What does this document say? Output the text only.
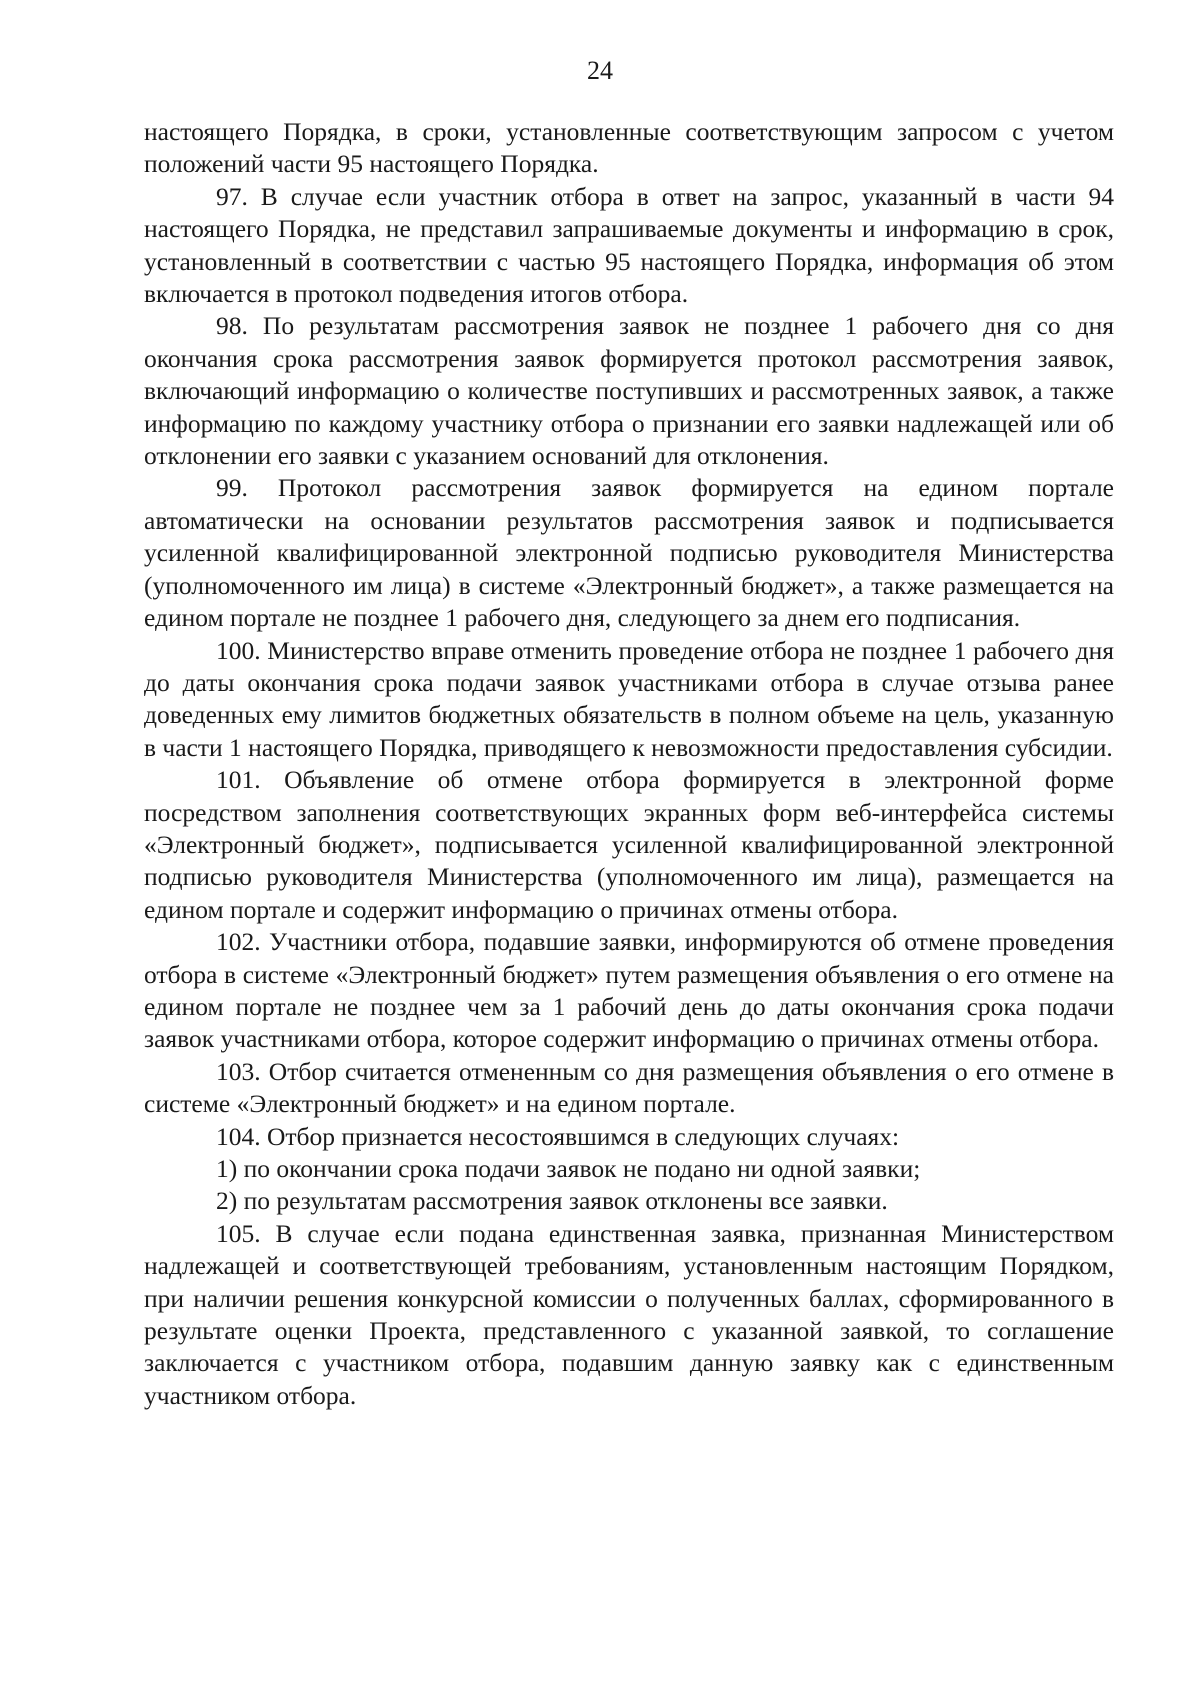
24

настоящего Порядка, в сроки, установленные соответствующим запросом с учетом положений части 95 настоящего Порядка.

97. В случае если участник отбора в ответ на запрос, указанный в части 94 настоящего Порядка, не представил запрашиваемые документы и информацию в срок, установленный в соответствии с частью 95 настоящего Порядка, информация об этом включается в протокол подведения итогов отбора.

98. По результатам рассмотрения заявок не позднее 1 рабочего дня со дня окончания срока рассмотрения заявок формируется протокол рассмотрения заявок, включающий информацию о количестве поступивших и рассмотренных заявок, а также информацию по каждому участнику отбора о признании его заявки надлежащей или об отклонении его заявки с указанием оснований для отклонения.

99. Протокол рассмотрения заявок формируется на едином портале автоматически на основании результатов рассмотрения заявок и подписывается усиленной квалифицированной электронной подписью руководителя Министерства (уполномоченного им лица) в системе «Электронный бюджет», а также размещается на едином портале не позднее 1 рабочего дня, следующего за днем его подписания.

100. Министерство вправе отменить проведение отбора не позднее 1 рабочего дня до даты окончания срока подачи заявок участниками отбора в случае отзыва ранее доведенных ему лимитов бюджетных обязательств в полном объеме на цель, указанную в части 1 настоящего Порядка, приводящего к невозможности предоставления субсидии.

101. Объявление об отмене отбора формируется в электронной форме посредством заполнения соответствующих экранных форм веб-интерфейса системы «Электронный бюджет», подписывается усиленной квалифицированной электронной подписью руководителя Министерства (уполномоченного им лица), размещается на едином портале и содержит информацию о причинах отмены отбора.

102. Участники отбора, подавшие заявки, информируются об отмене проведения отбора в системе «Электронный бюджет» путем размещения объявления о его отмене на едином портале не позднее чем за 1 рабочий день до даты окончания срока подачи заявок участниками отбора, которое содержит информацию о причинах отмены отбора.

103. Отбор считается отмененным со дня размещения объявления о его отмене в системе «Электронный бюджет» и на едином портале.

104. Отбор признается несостоявшимся в следующих случаях:

1) по окончании срока подачи заявок не подано ни одной заявки;

2) по результатам рассмотрения заявок отклонены все заявки.

105. В случае если подана единственная заявка, признанная Министерством надлежащей и соответствующей требованиям, установленным настоящим Порядком, при наличии решения конкурсной комиссии о полученных баллах, сформированного в результате оценки Проекта, представленного с указанной заявкой, то соглашение заключается с участником отбора, подавшим данную заявку как с единственным участником отбора.
